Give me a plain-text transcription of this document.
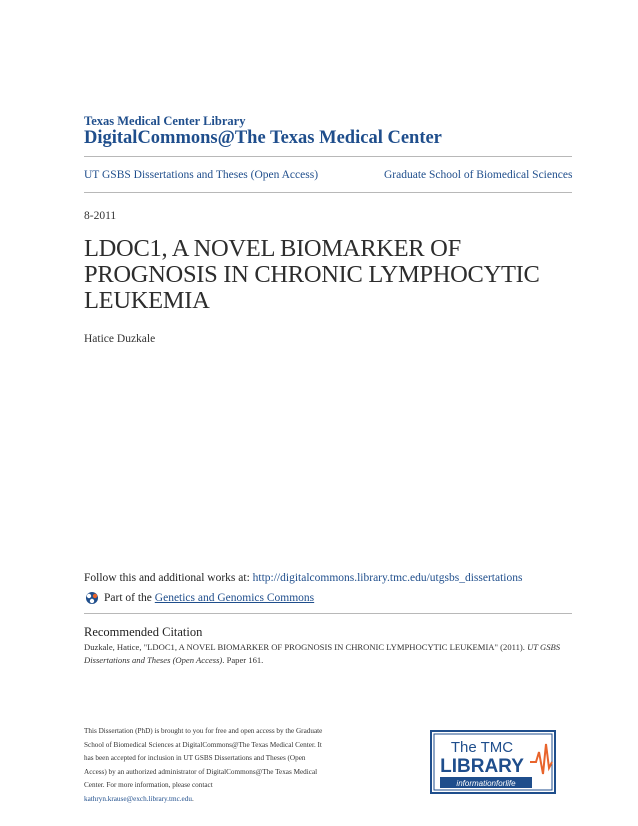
Texas Medical Center Library
DigitalCommons@The Texas Medical Center
UT GSBS Dissertations and Theses (Open Access)	Graduate School of Biomedical Sciences
8-2011
LDOC1, A NOVEL BIOMARKER OF PROGNOSIS IN CHRONIC LYMPHOCYTIC LEUKEMIA
Hatice Duzkale
Follow this and additional works at: http://digitalcommons.library.tmc.edu/utgsbs_dissertations
Part of the
Genetics and Genomics Commons
Recommended Citation
Duzkale, Hatice, "LDOC1, A NOVEL BIOMARKER OF PROGNOSIS IN CHRONIC LYMPHOCYTIC LEUKEMIA" (2011). UT GSBS Dissertations and Theses (Open Access). Paper 161.
This Dissertation (PhD) is brought to you for free and open access by the Graduate School of Biomedical Sciences at DigitalCommons@The Texas Medical Center. It has been accepted for inclusion in UT GSBS Dissertations and Theses (Open Access) by an authorized administrator of DigitalCommons@The Texas Medical Center. For more information, please contact kathryn.krause@exch.library.tmc.edu.
The TMC
LIBRARY
informationforlife
